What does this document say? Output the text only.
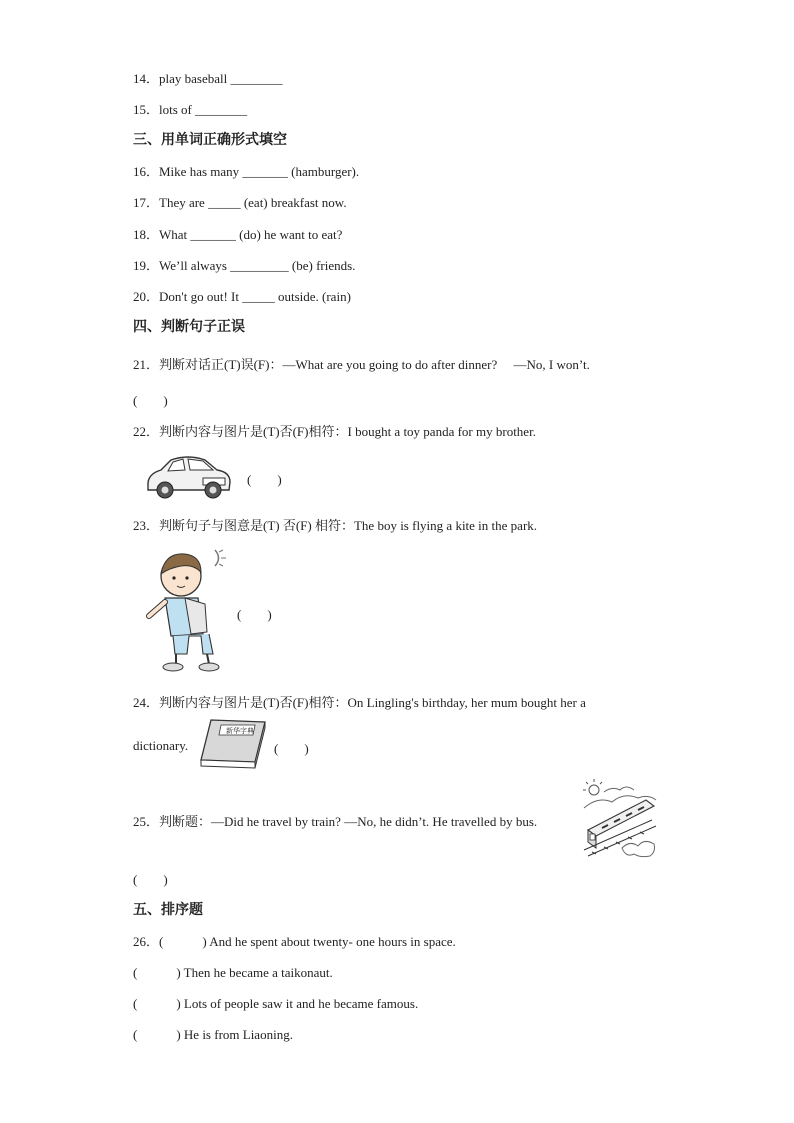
14．play baseball ________
15．lots of ________
三、用单词正确形式填空
16．Mike has many _______ (hamburger).
17．They are _____ (eat) breakfast now.
18．What _______ (do) he want to eat?
19．We’ll always _________ (be) friends.
20．Don't go out! It _____ outside. (rain)
四、判断句子正误
21．判断对话正(T)误(F)：—What are you going to do after dinner?　 —No, I won’t.
(　　)
22．判断内容与图片是(T)否(F)相符：I bought a toy panda for my brother.
(　　)
23．判断句子与图意是(T) 否(F) 相符：The boy is flying a kite in the park.
(　　)
24．判断内容与图片是(T)否(F)相符：On Lingling's birthday, her mum bought her a
dictionary.
新华字典
(　　)
25．判断题：—Did he travel by train? —No, he didn’t. He travelled by bus.
(　　)
五、排序题
26．(　　　) And he spent about twenty- one hours in space.
(　　　) Then he became a taikonaut.
(　　　) Lots of people saw it and he became famous.
(　　　) He is from Liaoning.
